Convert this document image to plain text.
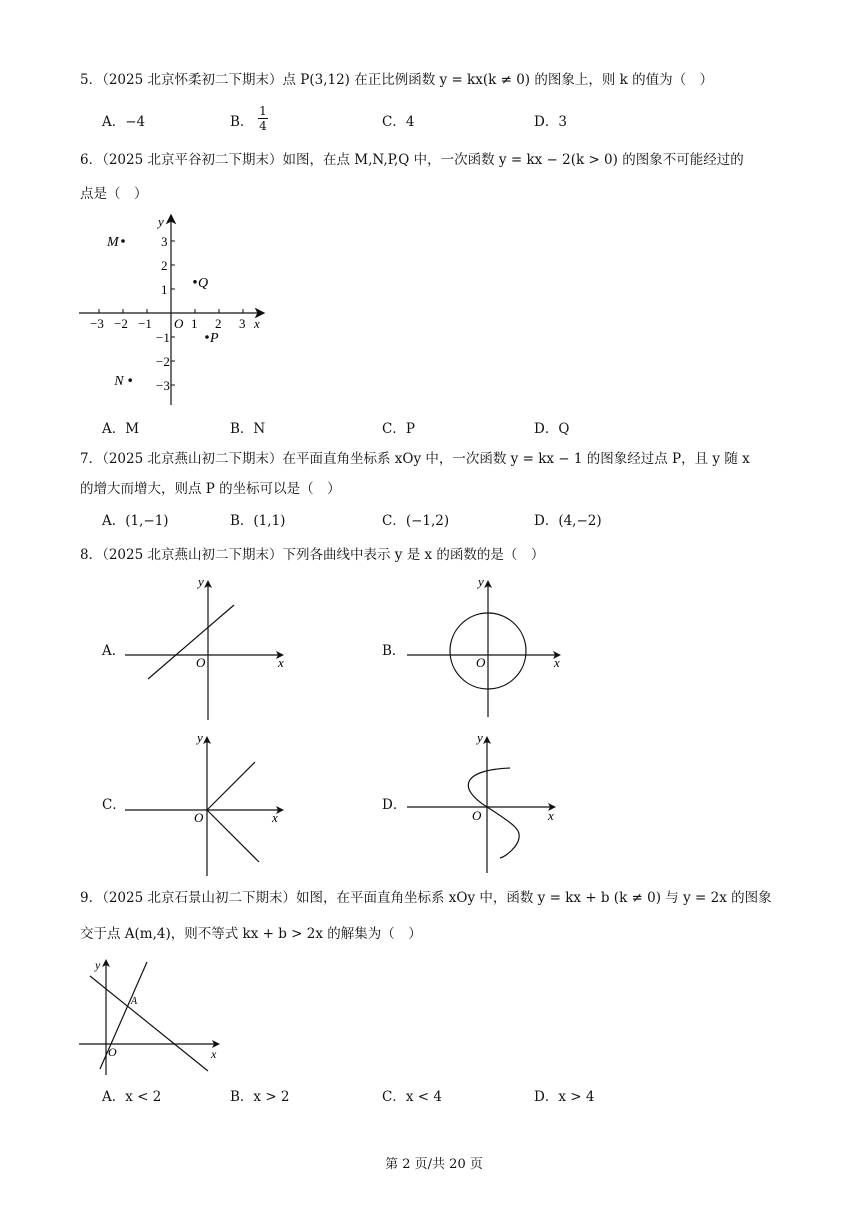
5．（2025 北京怀柔初二下期末）点 P(3,12) 在正比例函数 y = kx(k ≠ 0) 的图象上，则 k 的值为（　）
A．−4	B．
1
4	C．4	D．3
6．（2025 北京平谷初二下期末）如图，在点 M,N,P,Q 中，一次函数 y = kx − 2(k > 0) 的图象不可能经过的
点是（　）
−3 −2 −1	1 2 3
3
2
1
−1
−2
−3
y
x
O
M
Q
P
N
A．M	B．N	C．P	D．Q
7．（2025 北京燕山初二下期末）在平面直角坐标系 xOy 中，一次函数 y = kx − 1 的图象经过点 P，且 y 随 x
的增大而增大，则点 P 的坐标可以是（　）
A．(1,−1)	B．(1,1)	C．(−1,2)	D．(4,−2)
8．（2025 北京燕山初二下期末）下列各曲线中表示 y 是 x 的函数的是（　）
A．
y
x
O
B．
y
x
O
C．
y
x
O
D．
y
x
O
9．（2025 北京石景山初二下期末）如图，在平面直角坐标系 xOy 中，函数 y = kx + b (k ≠ 0) 与 y = 2x 的图象
交于点 A(m,4)，则不等式 kx + b > 2x 的解集为（　）
y
x
O
A
A．x < 2	B．x > 2	C．x < 4	D．x > 4
第 2 页/共 20 页
